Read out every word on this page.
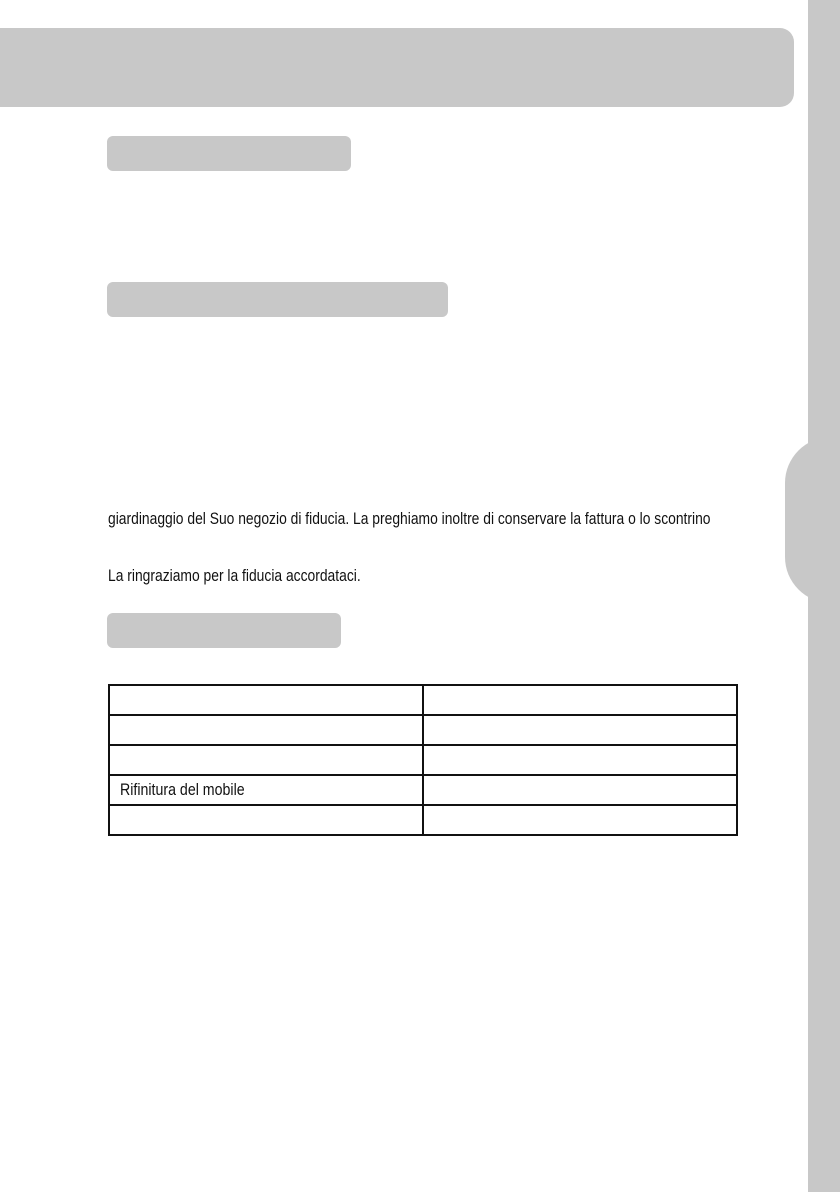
giardinaggio del Suo negozio di fiducia. La preghiamo inoltre di conservare la fattura o lo scontrino

La ringraziamo per la fiducia accordataci.

Rifinitura del mobile	
